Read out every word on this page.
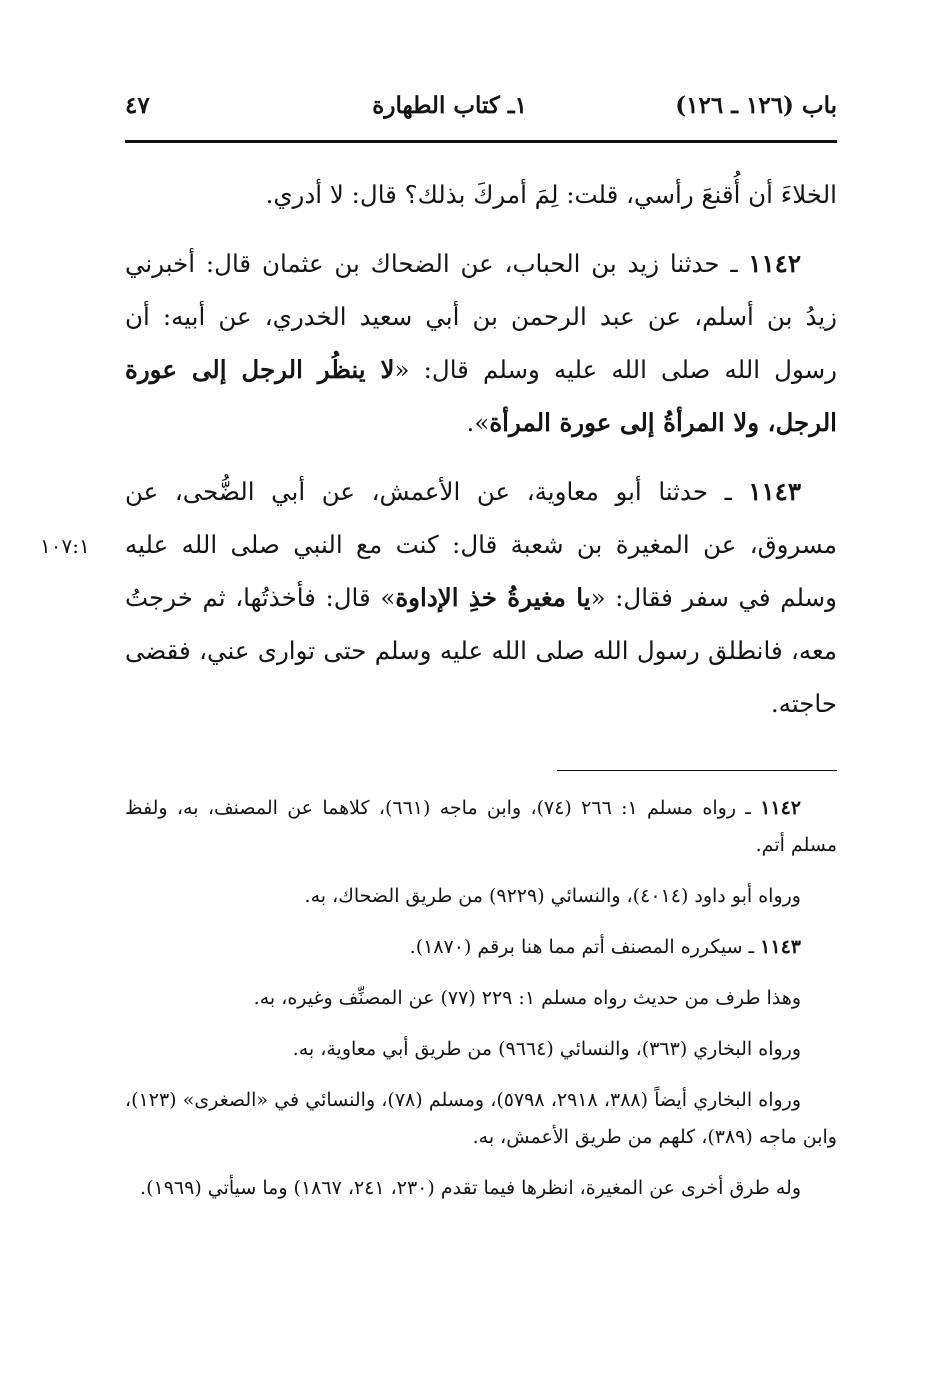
باب (١٢٦ ـ ١٢٦)
١ـ كتاب الطهارة
٤٧

الخلاءَ أن أُقنعَ رأسي، قلت: لِمَ أمركَ بذلك؟ قال: لا أدري.

١١٤٢ ـ حدثنا زيد بن الحباب، عن الضحاك بن عثمان قال: أخبرني زيدُ بن أسلم، عن عبد الرحمن بن أبي سعيد الخدري، عن أبيه: أن رسول الله صلى الله عليه وسلم قال: «لا ينظُر الرجل إلى عورة الرجل، ولا المرأةُ إلى عورة المرأة».

١١٤٣ ـ حدثنا أبو معاوية، عن الأعمش، عن أبي الضُّحى، عن مسروق، عن المغيرة بن شعبة قال: كنت مع النبي صلى الله عليه وسلم في سفر فقال: «يا مغيرةُ خذِ الإداوة» قال: فأخذتُها، ثم خرجتُ معه، فانطلق رسول الله صلى الله عليه وسلم حتى توارى عني، فقضى حاجته.

١٠٧:١

١١٤٢ ـ رواه مسلم ١: ٢٦٦ (٧٤)، وابن ماجه (٦٦١)، كلاهما عن المصنف، به، ولفظ مسلم أتم.

ورواه أبو داود (٤٠١٤)، والنسائي (٩٢٢٩) من طريق الضحاك، به.

١١٤٣ ـ سيكرره المصنف أتم مما هنا برقم (١٨٧٠).

وهذا طرف من حديث رواه مسلم ١: ٢٢٩ (٧٧) عن المصنِّف وغيره، به.

ورواه البخاري (٣٦٣)، والنسائي (٩٦٦٤) من طريق أبي معاوية، به.

ورواه البخاري أيضاً (٣٨٨، ٢٩١٨، ٥٧٩٨)، ومسلم (٧٨)، والنسائي في «الصغرى» (١٢٣)، وابن ماجه (٣٨٩)، كلهم من طريق الأعمش، به.

وله طرق أخرى عن المغيرة، انظرها فيما تقدم (٢٣٠، ٢٤١، ١٨٦٧) وما سيأتي (١٩٦٩).
